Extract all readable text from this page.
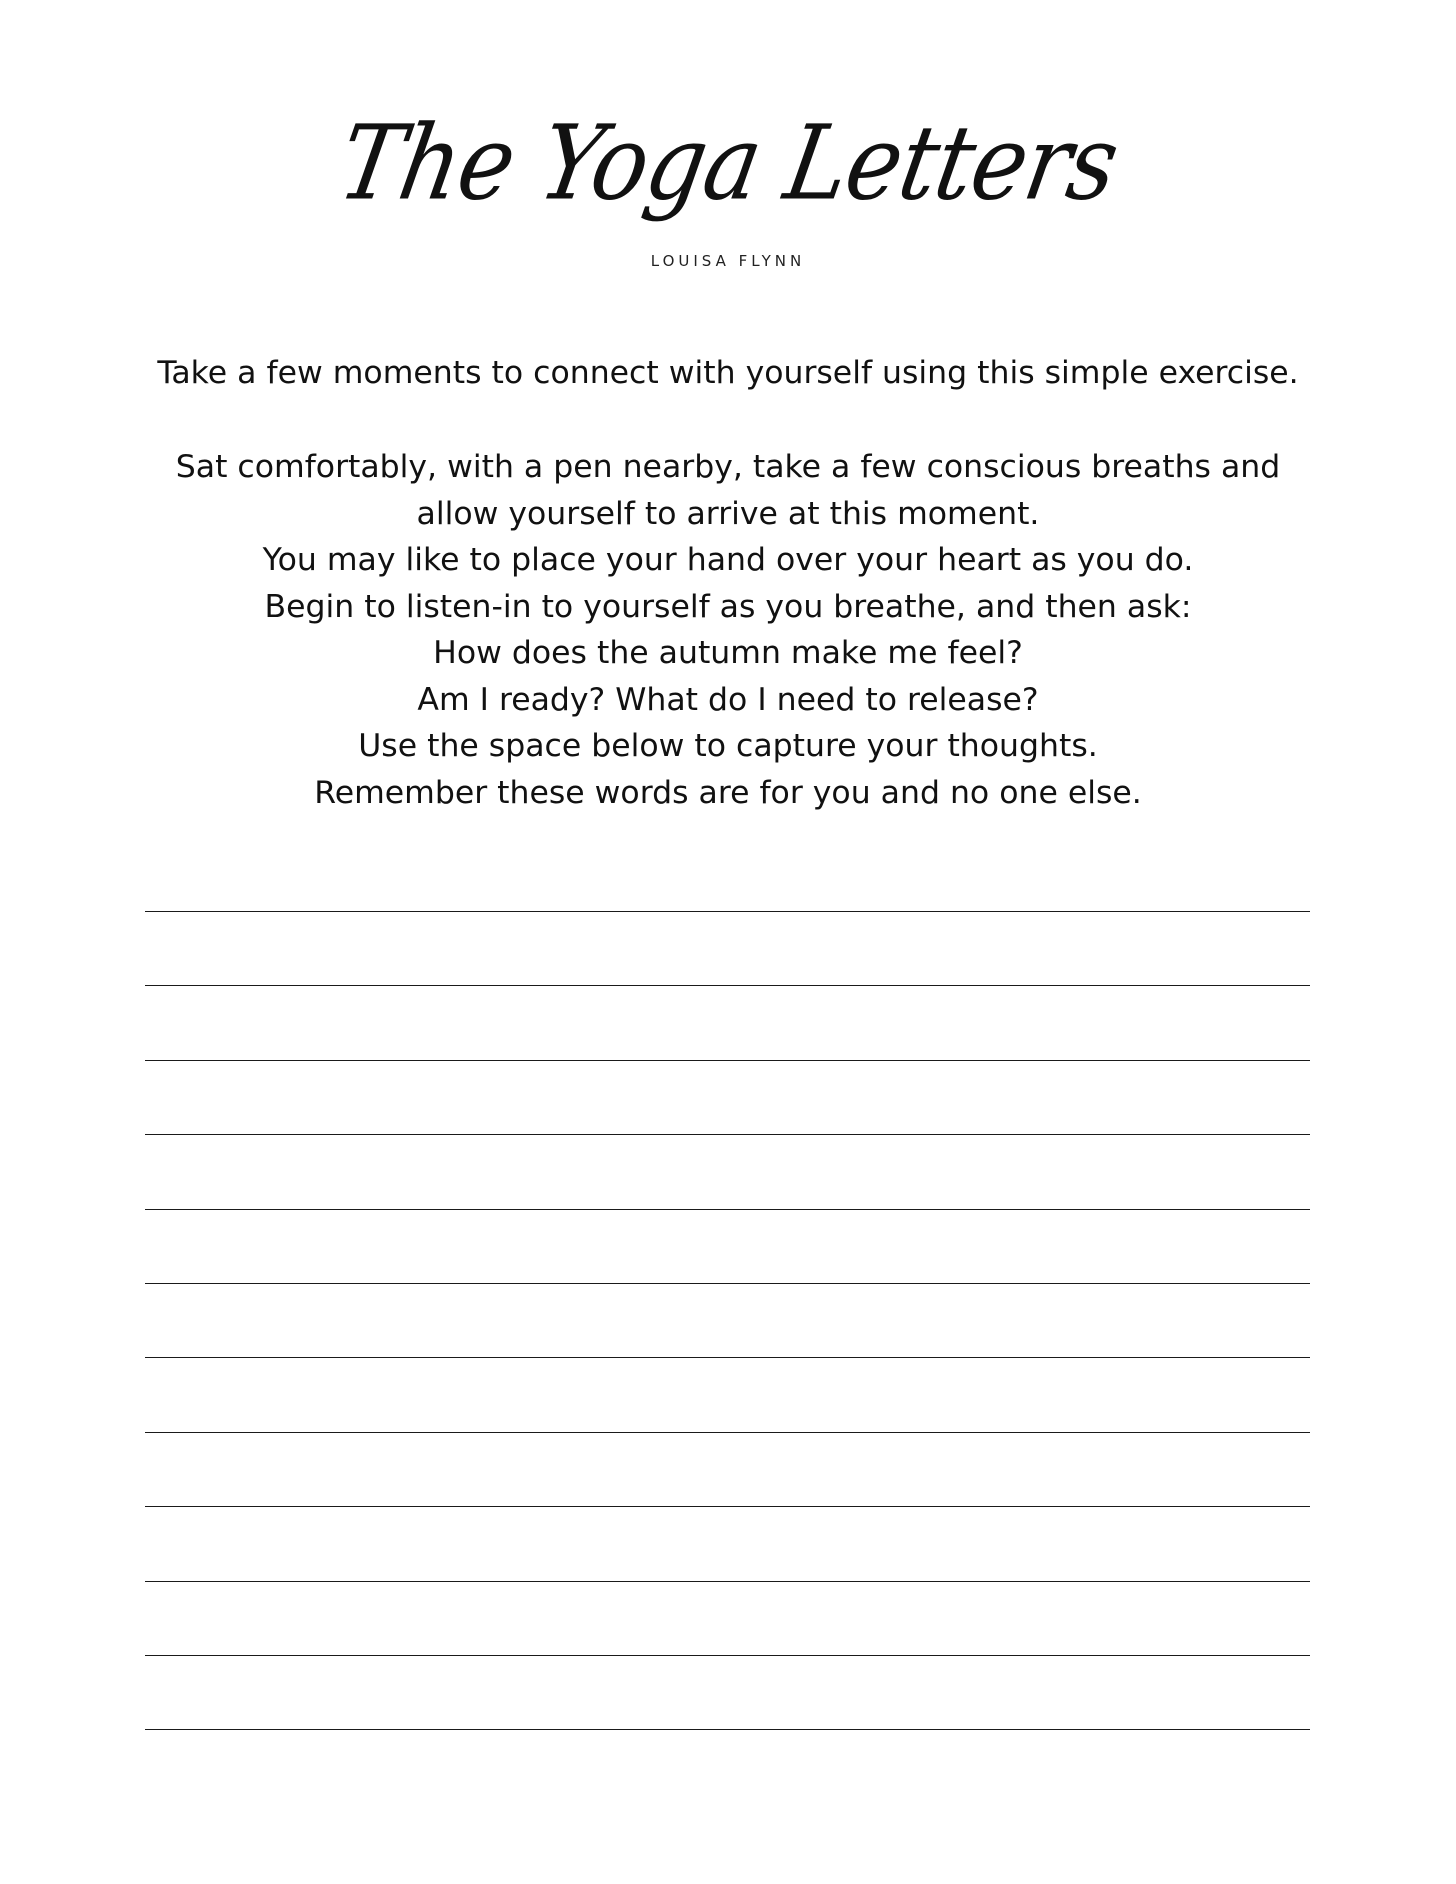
The Yoga Letters
LOUISA FLYNN
Take a few moments to connect with yourself using this simple exercise.
Sat comfortably, with a pen nearby, take a few conscious breaths and
allow yourself to arrive at this moment.
You may like to place your hand over your heart as you do.
Begin to listen-in to yourself as you breathe, and then ask:
How does the autumn make me feel?
Am I ready? What do I need to release?
Use the space below to capture your thoughts.
Remember these words are for you and no one else.
